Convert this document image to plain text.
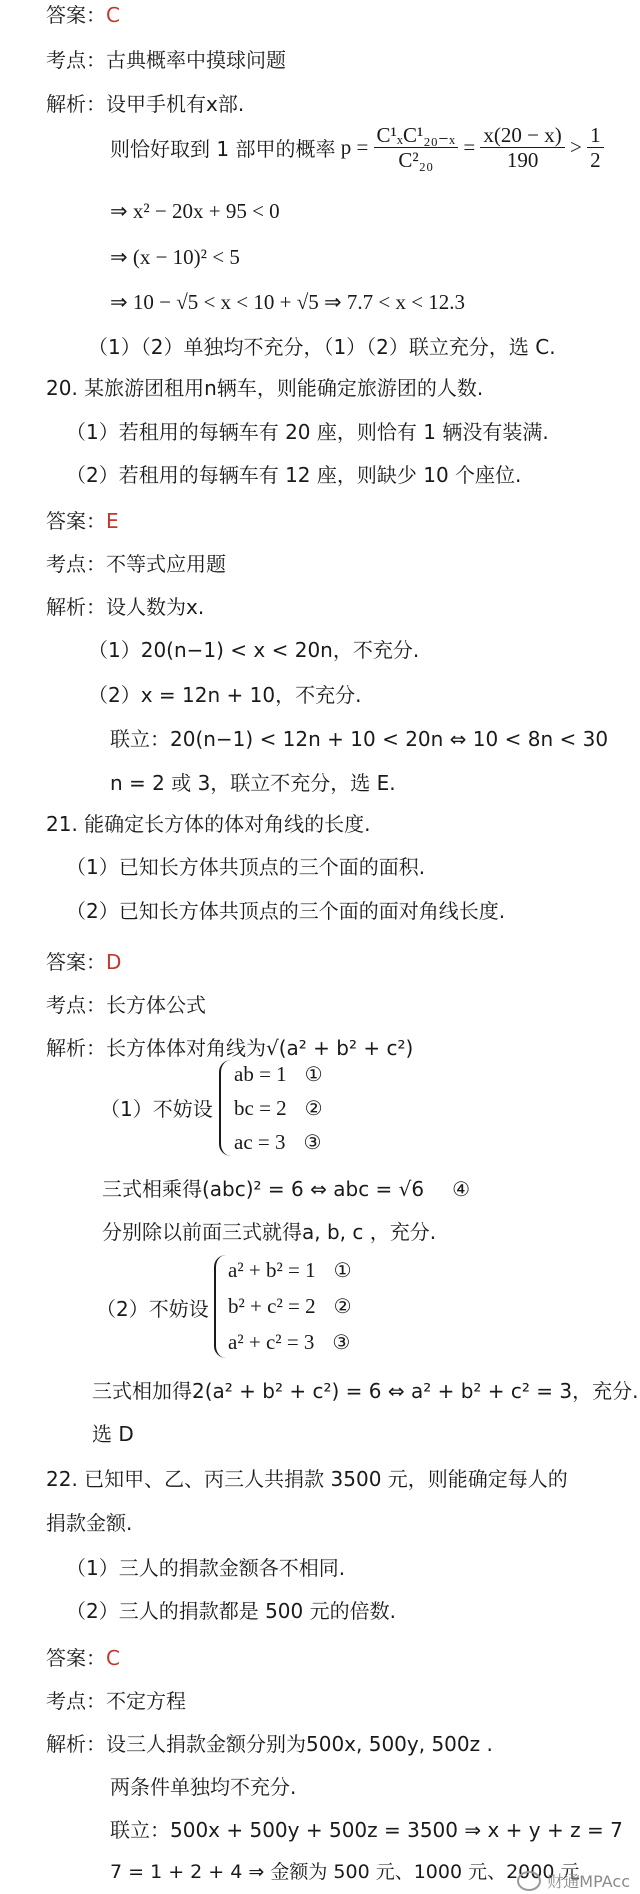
答案：C
考点：古典概率中摸球问题
解析：设甲手机有x部.
则恰好取到 1 部甲的概率 $p = \frac{\text{C¹ₓC¹₂₀₋ₓ}}{\text{C²₂₀}} = \frac{x(20 - x)}{190} > \frac{1}{2}$
⇒ x² − 20x + 95 < 0
⇒ (x − 10)² < 5
⇒ 10 − √5 < x < 10 + √5 ⇒ 7.7 < x < 12.3
（1）（2）单独均不充分，（1）（2）联立充分，选 C.
20. 某旅游团租用n辆车，则能确定旅游团的人数.
（1）若租用的每辆车有 20 座，则恰有 1 辆没有装满.
（2）若租用的每辆车有 12 座，则缺少 10 个座位.
答案：E
考点：不等式应用题
解析：设人数为x.
（1）20(n−1) < x < 20n，不充分.
（2）x = 12n + 10，不充分.
联立：20(n−1) < 12n + 10 < 20n ⇔ 10 < 8n < 30
n = 2 或 3，联立不充分，选 E.
21. 能确定长方体的体对角线的长度.
（1）已知长方体共顶点的三个面的面积.
（2）已知长方体共顶点的三个面的面对角线长度.
答案：D
考点：长方体公式
解析：长方体体对角线为√(a² + b² + c²)
（1）不妨设
ab = 1 ①
bc = 2 ②
ac = 3 ③
三式相乘得(abc)² = 6 ⇔ abc = √6 ④
分别除以前面三式就得a, b, c ，充分.
（2）不妨设
a² + b² = 1 ①
b² + c² = 2 ②
a² + c² = 3 ③
三式相加得2(a² + b² + c²) = 6 ⇔ a² + b² + c² = 3，充分.
选 D
22. 已知甲、乙、丙三人共捐款 3500 元，则能确定每人的
捐款金额.
（1）三人的捐款金额各不相同.
（2）三人的捐款都是 500 元的倍数.
答案：C
考点：不定方程
解析：设三人捐款金额分别为500x, 500y, 500z .
两条件单独均不充分.
联立：500x + 500y + 500z = 3500 ⇒ x + y + z = 7
7 = 1 + 2 + 4 ⇒ 金额为 500 元、1000 元、2000 元
财通MPAcc
